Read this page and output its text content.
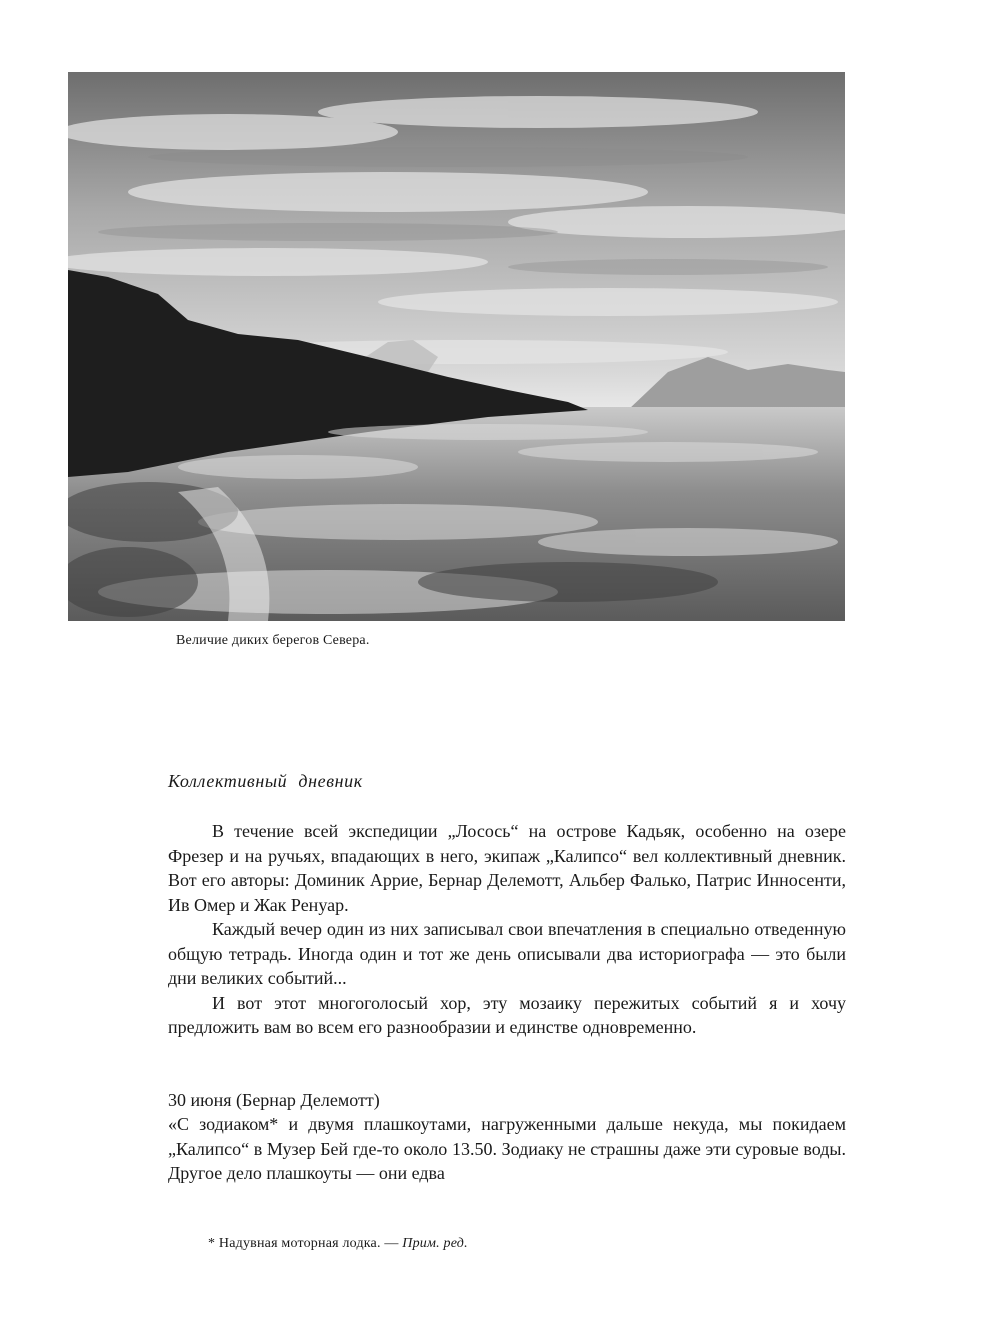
Величие диких берегов Севера.
Коллективный дневник

В течение всей экспедиции „Лосось“ на острове Кадьяк, особенно на озере Фрезер и на ручьях, впадающих в него, экипаж „Калипсо“ вел коллективный дневник. Вот его авторы: Доминик Аррие, Бернар Делемотт, Альбер Фалько, Патрис Инносенти, Ив Омер и Жак Ренуар.

Каждый вечер один из них записывал свои впечатления в специально отведенную общую тетрадь. Иногда один и тот же день описывали два историографа — это были дни великих событий...

И вот этот многоголосый хор, эту мозаику пережитых событий я и хочу предложить вам во всем его разнообразии и единстве одновременно.

30 июня (Бернар Делемотт)

«С зодиаком* и двумя плашкоутами, нагруженными дальше некуда, мы покидаем „Калипсо“ в Музер Бей где-то около 13.50. Зодиаку не страшны даже эти суровые воды. Другое дело плашкоуты — они едва

* Надувная моторная лодка. — Прим. ред.
